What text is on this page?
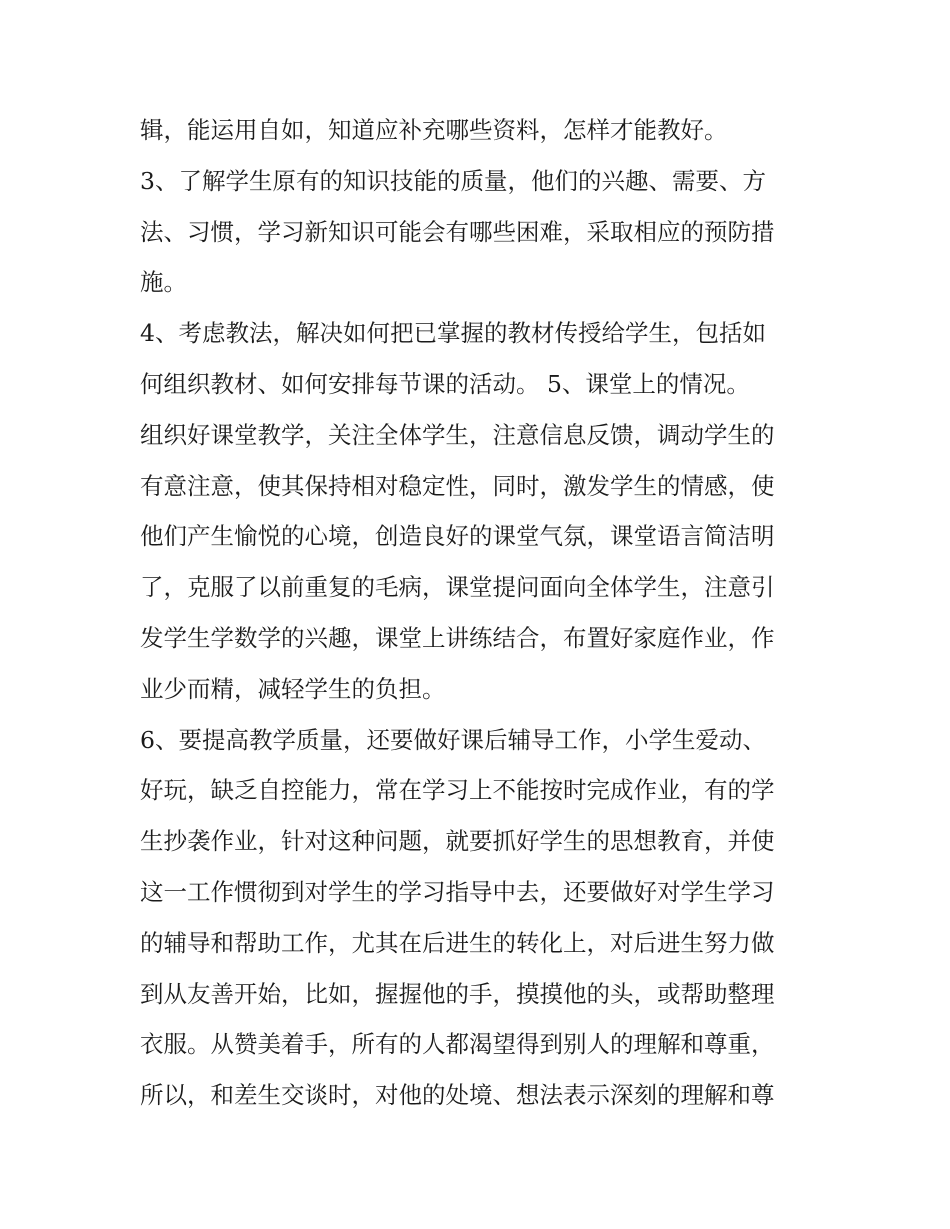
辑，能运用自如，知道应补充哪些资料，怎样才能教好。

3、了解学生原有的知识技能的质量，他们的兴趣、需要、方

法、习惯，学习新知识可能会有哪些困难，采取相应的预防措

施。

4、考虑教法，解决如何把已掌握的教材传授给学生，包括如

何组织教材、如何安排每节课的活动。 5、课堂上的情况。

组织好课堂教学，关注全体学生，注意信息反馈，调动学生的

有意注意，使其保持相对稳定性，同时，激发学生的情感，使

他们产生愉悦的心境，创造良好的课堂气氛，课堂语言简洁明

了，克服了以前重复的毛病，课堂提问面向全体学生，注意引

发学生学数学的兴趣，课堂上讲练结合，布置好家庭作业，作

业少而精，减轻学生的负担。

6、要提高教学质量，还要做好课后辅导工作，小学生爱动、

好玩，缺乏自控能力，常在学习上不能按时完成作业，有的学

生抄袭作业，针对这种问题，就要抓好学生的思想教育，并使

这一工作惯彻到对学生的学习指导中去，还要做好对学生学习

的辅导和帮助工作，尤其在后进生的转化上，对后进生努力做

到从友善开始，比如，握握他的手，摸摸他的头，或帮助整理

衣服。从赞美着手，所有的人都渴望得到别人的理解和尊重，

所以，和差生交谈时，对他的处境、想法表示深刻的理解和尊
